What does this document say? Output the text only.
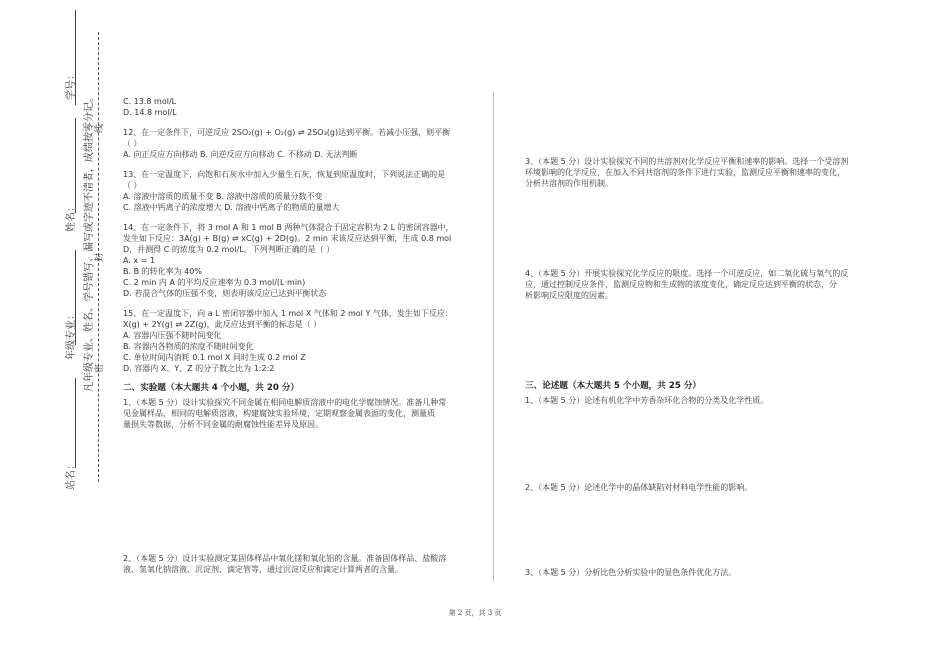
学号：
姓名：
年级专业：
站名：
凡年级专业、姓名、学号错写、漏写或字迹不清者，成绩按零分记。 密
封
线

C. 13.8 mol/L

D. 14.8 mol/L

12、在一定条件下，可逆反应 2SO₂(g) + O₂(g) ⇌ 2SO₃(g)达到平衡。若减小压强，则平衡

（ ）

A. 向正反应方向移动 B. 向逆反应方向移动 C. 不移动 D. 无法判断

13、在一定温度下，向饱和石灰水中加入少量生石灰，恢复到原温度时，下列说法正确的是

（ ）

A. 溶液中溶质的质量不变 B. 溶液中溶质的质量分数不变

C. 溶液中钙离子的浓度增大 D. 溶液中钙离子的物质的量增大

14、在一定条件下，将 3 mol A 和 1 mol B 两种气体混合于固定容积为 2 L 的密闭容器中，

发生如下反应：3A(g) + B(g) ⇌ xC(g) + 2D(g)。2 min 末该反应达到平衡，生成 0.8 mol

D，并测得 C 的浓度为 0.2 mol/L。下列判断正确的是（ ）

A. x = 1

B. B 的转化率为 40%

C. 2 min 内 A 的平均反应速率为 0.3 mol/(L·min)

D. 若混合气体的压强不变，则表明该反应已达到平衡状态

15、在一定温度下，向 a L 密闭容器中加入 1 mol X 气体和 2 mol Y 气体，发生如下反应：

X(g) + 2Y(g) ⇌ 2Z(g)，此反应达到平衡的标志是（ ）

A. 容器内压强不随时间变化

B. 容器内各物质的浓度不随时间变化

C. 单位时间内消耗 0.1 mol X 同时生成 0.2 mol Z

D. 容器内 X、Y、Z 的分子数之比为 1:2:2

二、实验题（本大题共 4 个小题，共 20 分）

1、（本题 5 分）设计实验探究不同金属在相同电解质溶液中的电化学腐蚀情况。准备几种常

见金属样品，相同的电解质溶液，构建腐蚀实验环境，定期观察金属表面的变化，测量质

量损失等数据，分析不同金属的耐腐蚀性能差异及原因。

2、（本题 5 分）设计实验测定某固体样品中氧化镁和氧化铝的含量。准备固体样品、盐酸溶

液、氢氧化钠溶液、沉淀剂、滴定管等，通过沉淀反应和滴定计算两者的含量。

3、（本题 5 分）设计实验探究不同的共溶剂对化学反应平衡和速率的影响。选择一个受溶剂

环境影响的化学反应，在加入不同共溶剂的条件下进行实验，监测反应平衡和速率的变化，

分析共溶剂的作用机制。

4、（本题 5 分）开展实验探究化学反应的限度。选择一个可逆反应，如二氧化硫与氧气的反

应，通过控制反应条件，监测反应物和生成物的浓度变化，确定反应达到平衡的状态，分

析影响反应限度的因素。

三、论述题（本大题共 5 个小题，共 25 分）

1、（本题 5 分）论述有机化学中芳香杂环化合物的分类及化学性质。

2、（本题 5 分）论述化学中的晶体缺陷对材料电学性能的影响。

3、（本题 5 分）分析比色分析实验中的显色条件优化方法。

第 2 页，共 3 页
